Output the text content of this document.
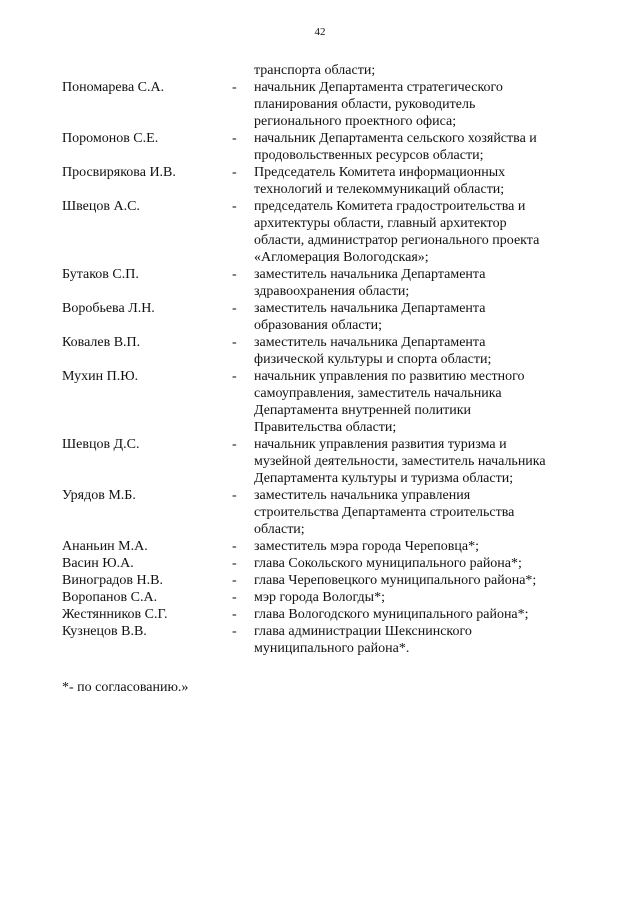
42
транспорта области;
Пономарева С.А.	-	начальник Департамента стратегического
планирования области, руководитель
регионального проектного офиса;
Поромонов С.Е.	-	начальник Департамента сельского хозяйства и
продовольственных ресурсов области;
Просвирякова И.В.	-	Председатель Комитета информационных
технологий и телекоммуникаций области;
Швецов А.С.	-	председатель Комитета градостроительства и
архитектуры области, главный архитектор
области, администратор регионального проекта
«Агломерация Вологодская»;
Бутаков С.П.	-	заместитель начальника Департамента
здравоохранения области;
Воробьева Л.Н.	-	заместитель начальника Департамента
образования области;
Ковалев В.П.	-	заместитель начальника Департамента
физической культуры и спорта области;
Мухин П.Ю.	-	начальник управления по развитию местного
самоуправления, заместитель начальника
Департамента внутренней политики
Правительства области;
Шевцов Д.С.	-	начальник управления развития туризма и
музейной деятельности, заместитель начальника
Департамента культуры и туризма области;
Урядов М.Б.	-	заместитель начальника управления
строительства Департамента строительства
области;
Ананьин М.А.	-	заместитель мэра города Череповца*;
Васин Ю.А.	-	глава Сокольского муниципального района*;
Виноградов Н.В.	-	глава Череповецкого муниципального района*;
Воропанов С.А.	-	мэр города Вологды*;
Жестянников С.Г.	-	глава Вологодского муниципального района*;
Кузнецов В.В.	-	глава администрации Шекснинского
муниципального района*.
*- по согласованию.»
